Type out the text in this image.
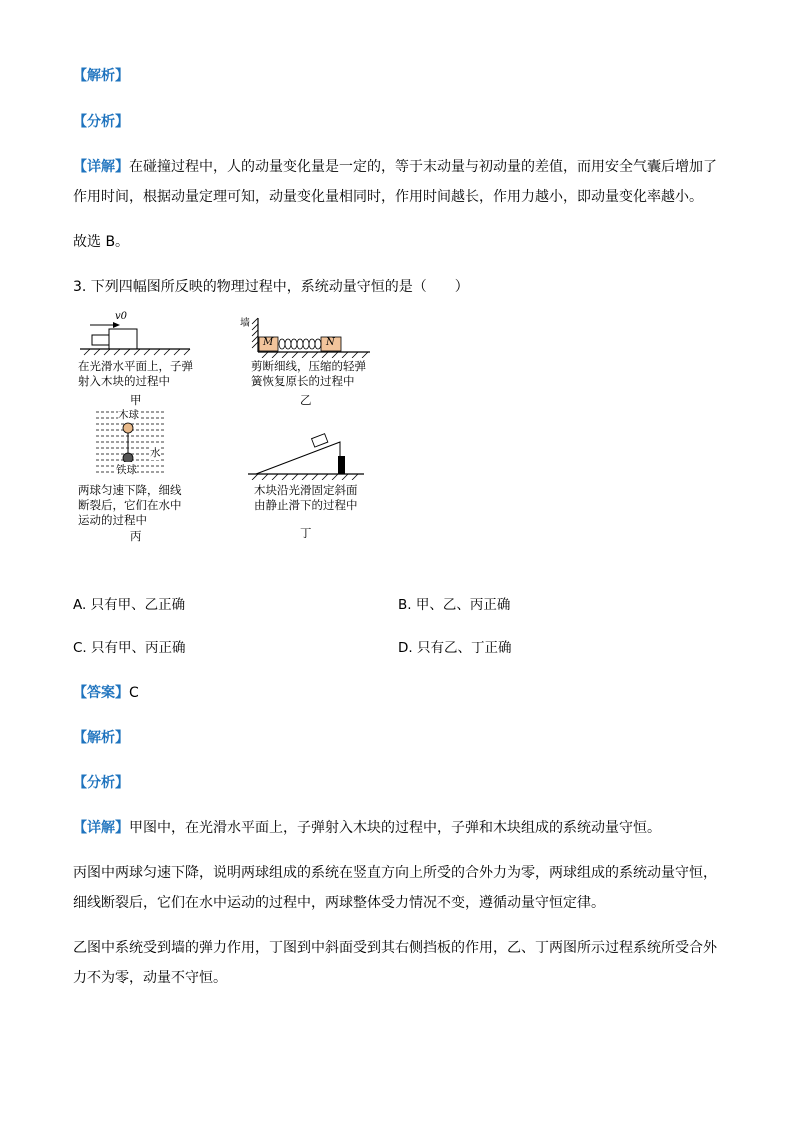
【解析】
【分析】
【详解】在碰撞过程中，人的动量变化量是一定的，等于末动量与初动量的差值，而用安全气囊后增加了
作用时间，根据动量定理可知，动量变化量相同时，作用时间越长，作用力越小，即动量变化率越小。
故选 B。
3. 下列四幅图所反映的物理过程中，系统动量守恒的是（　　）
v0
在光滑水平面上，子弹
射入木块的过程中
甲
墙
M	N
剪断细线，压缩的轻弹
簧恢复原长的过程中
乙
木球
水
铁球
两球匀速下降，细线
断裂后，它们在水中
运动的过程中
丙
木块沿光滑固定斜面
由静止滑下的过程中
丁
A. 只有甲、乙正确	B. 甲、乙、丙正确
C. 只有甲、丙正确	D. 只有乙、丁正确
【答案】C
【解析】
【分析】
【详解】甲图中，在光滑水平面上，子弹射入木块的过程中，子弹和木块组成的系统动量守恒。
丙图中两球匀速下降，说明两球组成的系统在竖直方向上所受的合外力为零，两球组成的系统动量守恒，
细线断裂后，它们在水中运动的过程中，两球整体受力情况不变，遵循动量守恒定律。
乙图中系统受到墙的弹力作用，丁图到中斜面受到其右侧挡板的作用，乙、丁两图所示过程系统所受合外
力不为零，动量不守恒。
